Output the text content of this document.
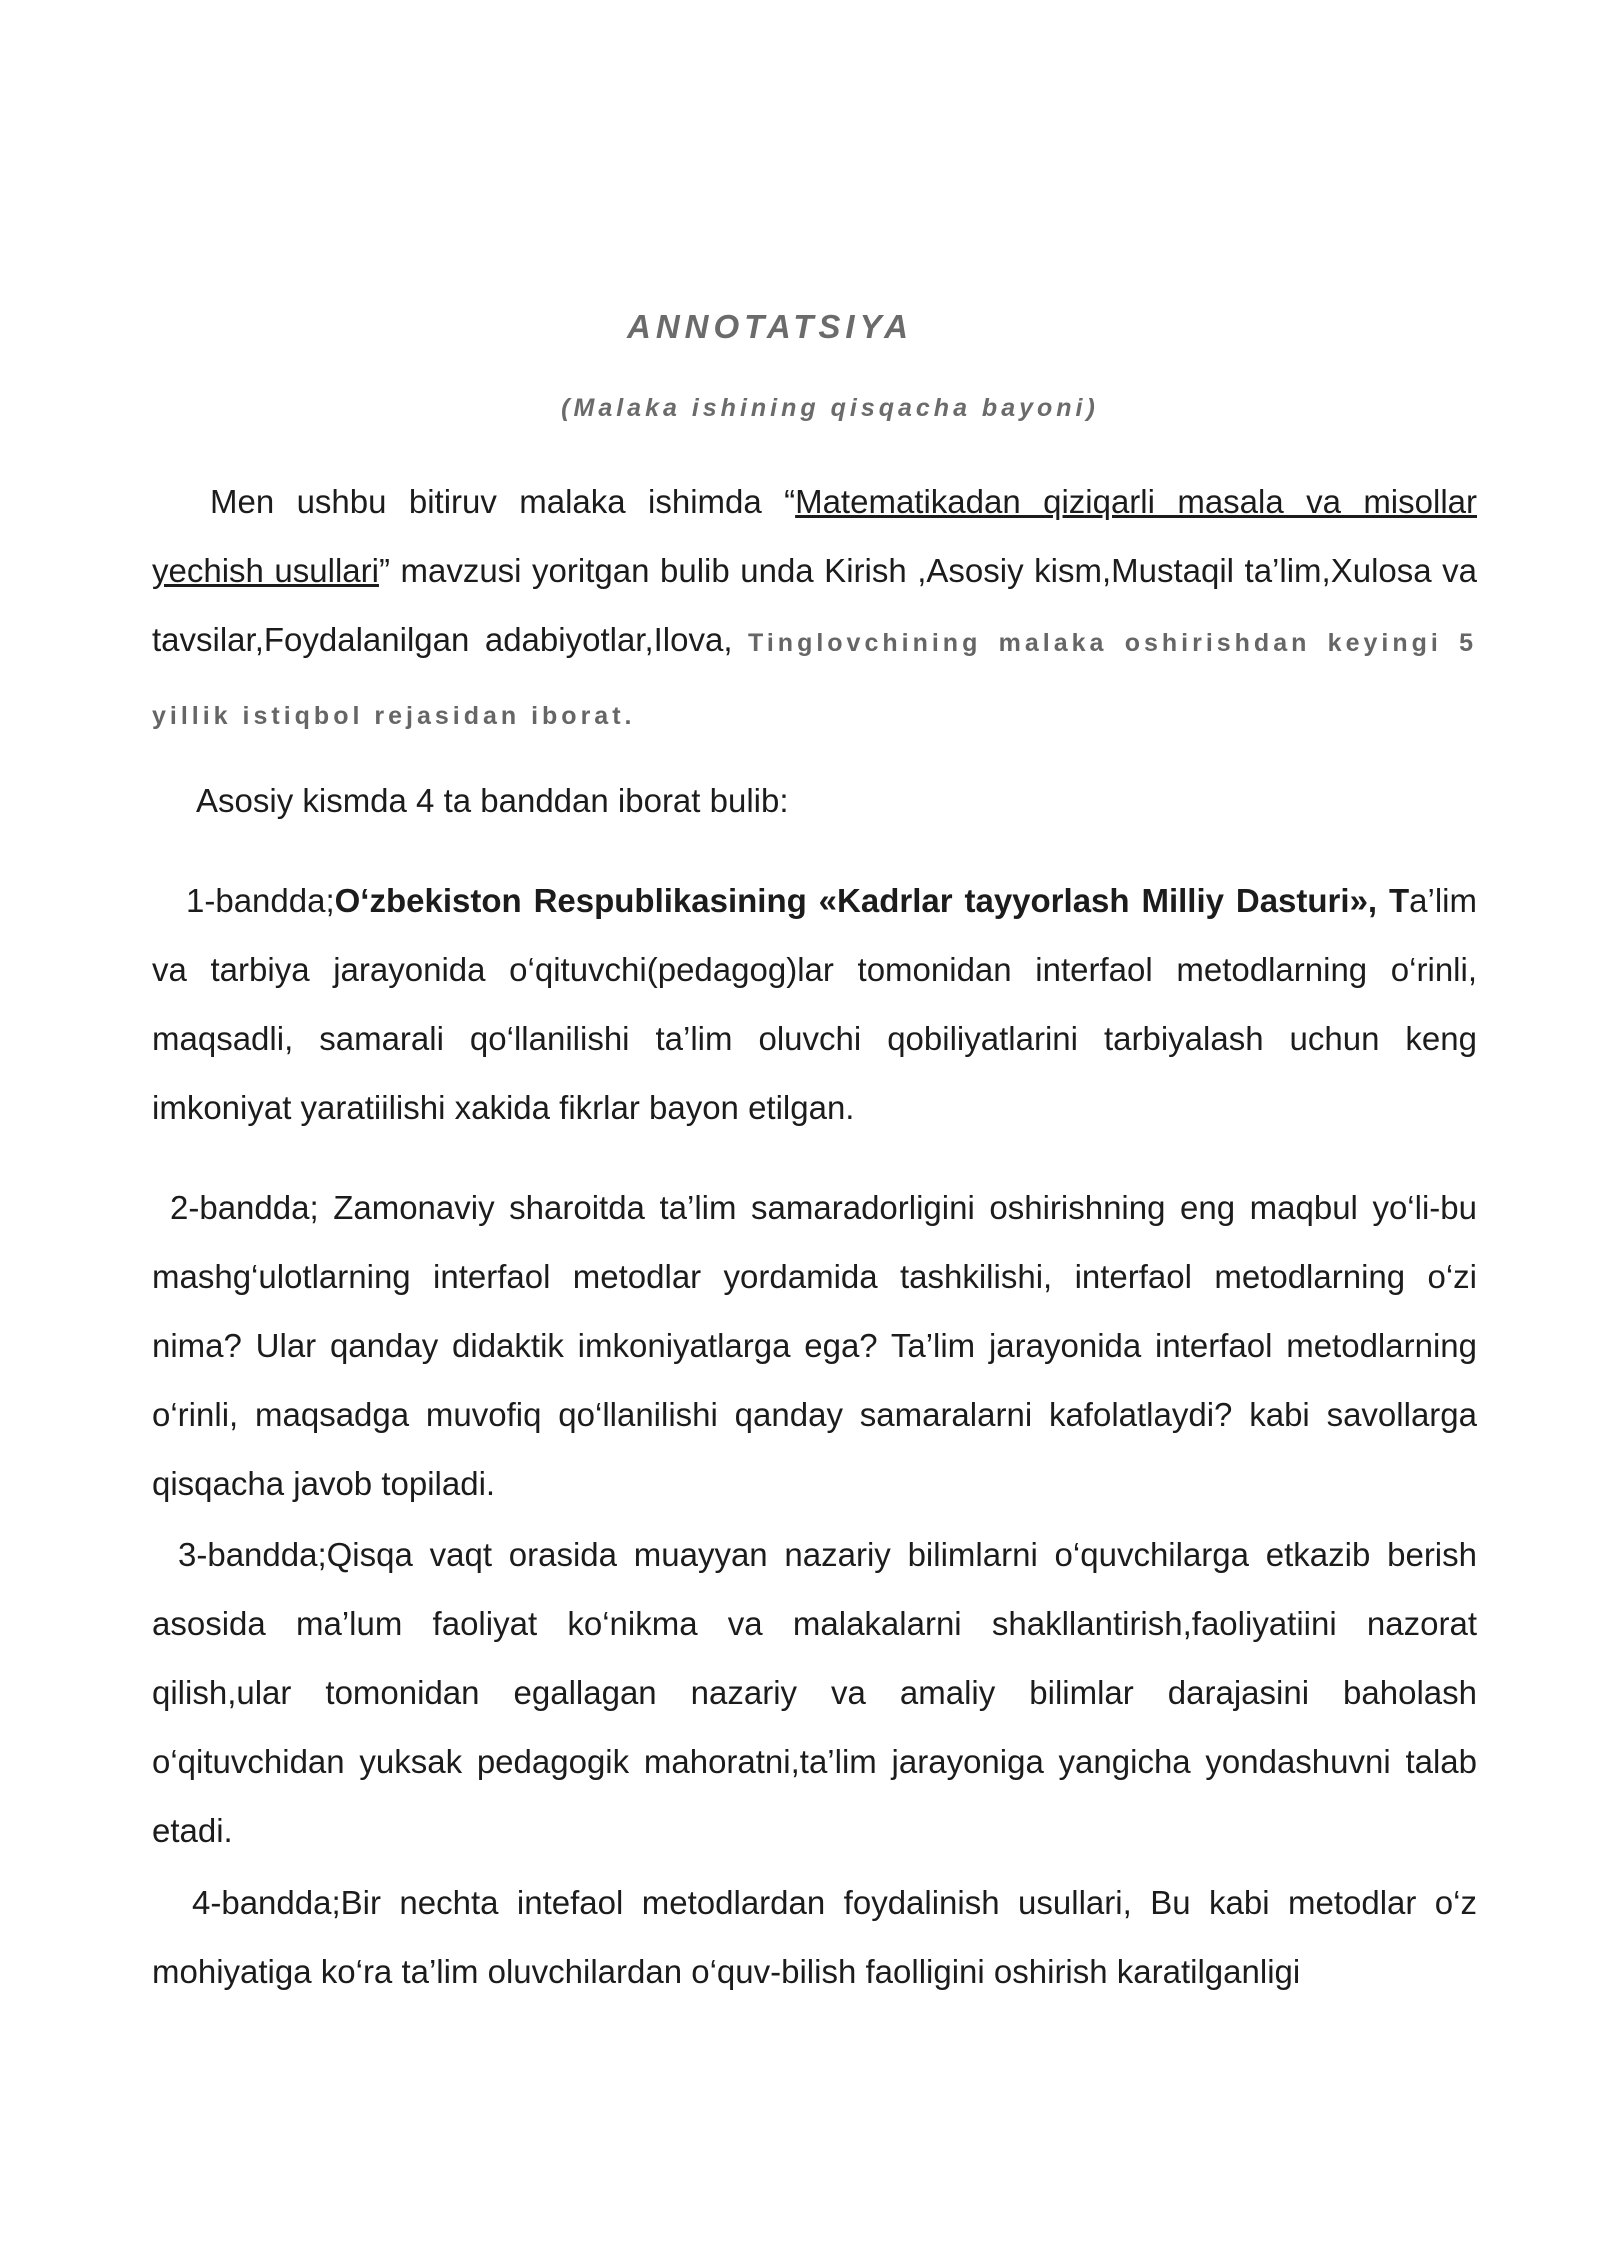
ANNOTATSIYA
(Malaka ishining qisqacha bayoni)
Men ushbu bitiruv malaka ishimda “Matematikadan qiziqarli masala va misollar yechish usullari” mavzusi yoritgan bulib unda Kirish ,Asosiy kism,Mustaqil ta’lim,Xulosa va tavsilar,Foydalanilgan adabiyotlar,Ilova, Tinglovchining malaka oshirishdan keyingi 5 yillik istiqbol rejasidan iborat.
Asosiy kismda 4 ta banddan iborat bulib:
1-bandda;O‘zbekiston Respublikasining «Kadrlar tayyorlash Milliy Dasturi», Ta’lim va tarbiya jarayonida o‘qituvchi(pedagog)lar tomonidan interfaol metodlarning o‘rinli, maqsadli, samarali qo‘llanilishi ta’lim oluvchi qobiliyatlarini tarbiyalash uchun keng imkoniyat yaratiilishi xakida fikrlar bayon etilgan.
2-bandda; Zamonaviy sharoitda ta’lim samaradorligini oshirishning eng maqbul yo‘li-bu mashg‘ulotlarning interfaol metodlar yordamida tashkilishi, interfaol metodlarning o‘zi nima? Ular qanday didaktik imkoniyatlarga ega? Ta’lim jarayonida interfaol metodlarning o‘rinli, maqsadga muvofiq qo‘llanilishi qanday samaralarni kafolatlaydi? kabi savollarga qisqacha javob topiladi.
3-bandda;Qisqa vaqt orasida muayyan nazariy bilimlarni o‘quvchilarga etkazib berish asosida ma’lum faoliyat ko‘nikma va malakalarni shakllantirish,faoliyatiini nazorat qilish,ular tomonidan egallagan nazariy va amaliy bilimlar darajasini baholash o‘qituvchidan yuksak pedagogik mahoratni,ta’lim jarayoniga yangicha yondashuvni talab etadi.
4-bandda;Bir nechta intefaol metodlardan foydalinish usullari, Bu kabi metodlar o‘z mohiyatiga ko‘ra ta’lim oluvchilardan o‘quv-bilish faolligini oshirish karatilganligi
